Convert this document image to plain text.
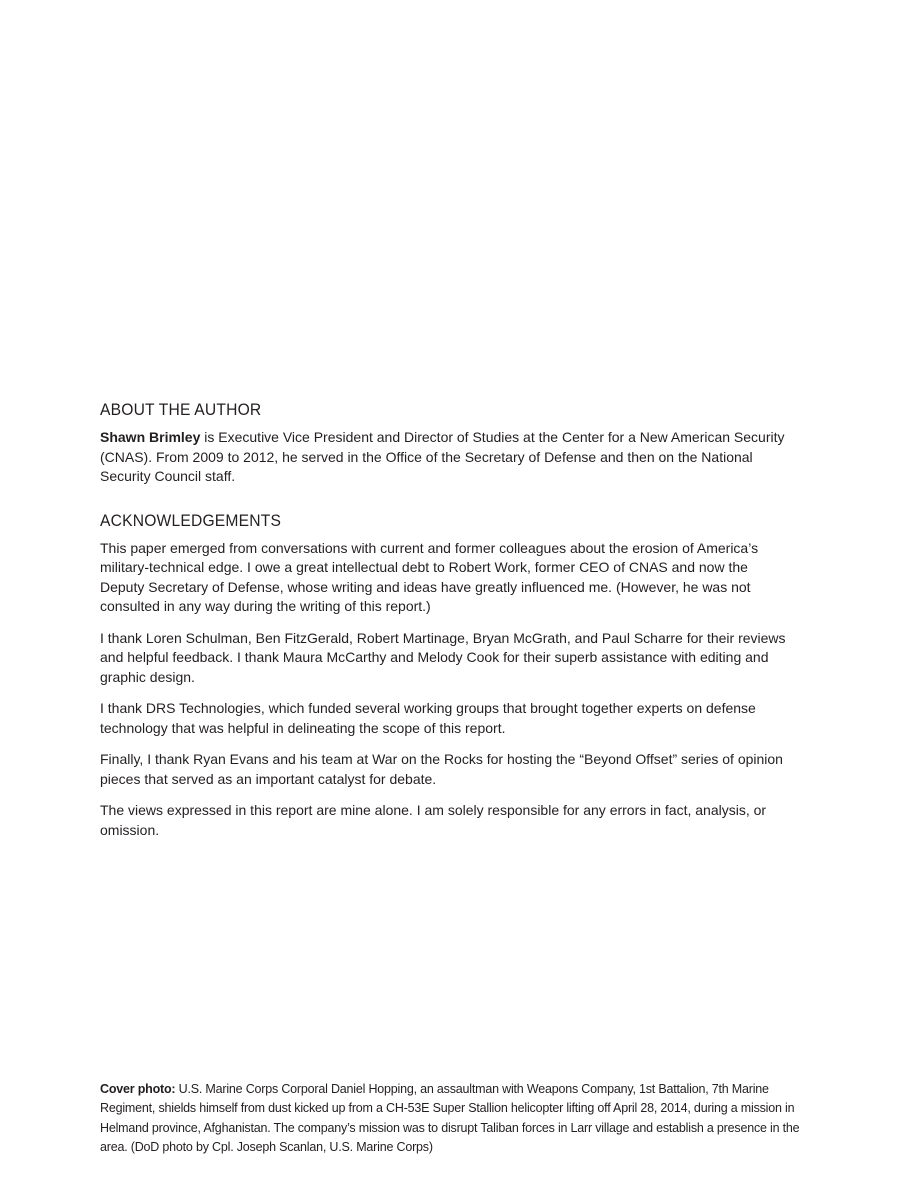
ABOUT THE AUTHOR

Shawn Brimley is Executive Vice President and Director of Studies at the Center for a New American Security (CNAS). From 2009 to 2012, he served in the Office of the Secretary of Defense and then on the National Security Council staff.

ACKNOWLEDGEMENTS

This paper emerged from conversations with current and former colleagues about the erosion of America’s military-technical edge. I owe a great intellectual debt to Robert Work, former CEO of CNAS and now the Deputy Secretary of Defense, whose writing and ideas have greatly influenced me. (However, he was not consulted in any way during the writing of this report.)

I thank Loren Schulman, Ben FitzGerald, Robert Martinage, Bryan McGrath, and Paul Scharre for their reviews and helpful feedback. I thank Maura McCarthy and Melody Cook for their superb assistance with editing and graphic design.

I thank DRS Technologies, which funded several working groups that brought together experts on defense technology that was helpful in delineating the scope of this report.

Finally, I thank Ryan Evans and his team at War on the Rocks for hosting the “Beyond Offset” series of opinion pieces that served as an important catalyst for debate.

The views expressed in this report are mine alone. I am solely responsible for any errors in fact, analysis, or omission.

Cover photo: U.S. Marine Corps Corporal Daniel Hopping, an assaultman with Weapons Company, 1st Battalion, 7th Marine Regiment, shields himself from dust kicked up from a CH-53E Super Stallion helicopter lifting off April 28, 2014, during a mission in Helmand province, Afghanistan. The company’s mission was to disrupt Taliban forces in Larr village and establish a presence in the area. (DoD photo by Cpl. Joseph Scanlan, U.S. Marine Corps)
